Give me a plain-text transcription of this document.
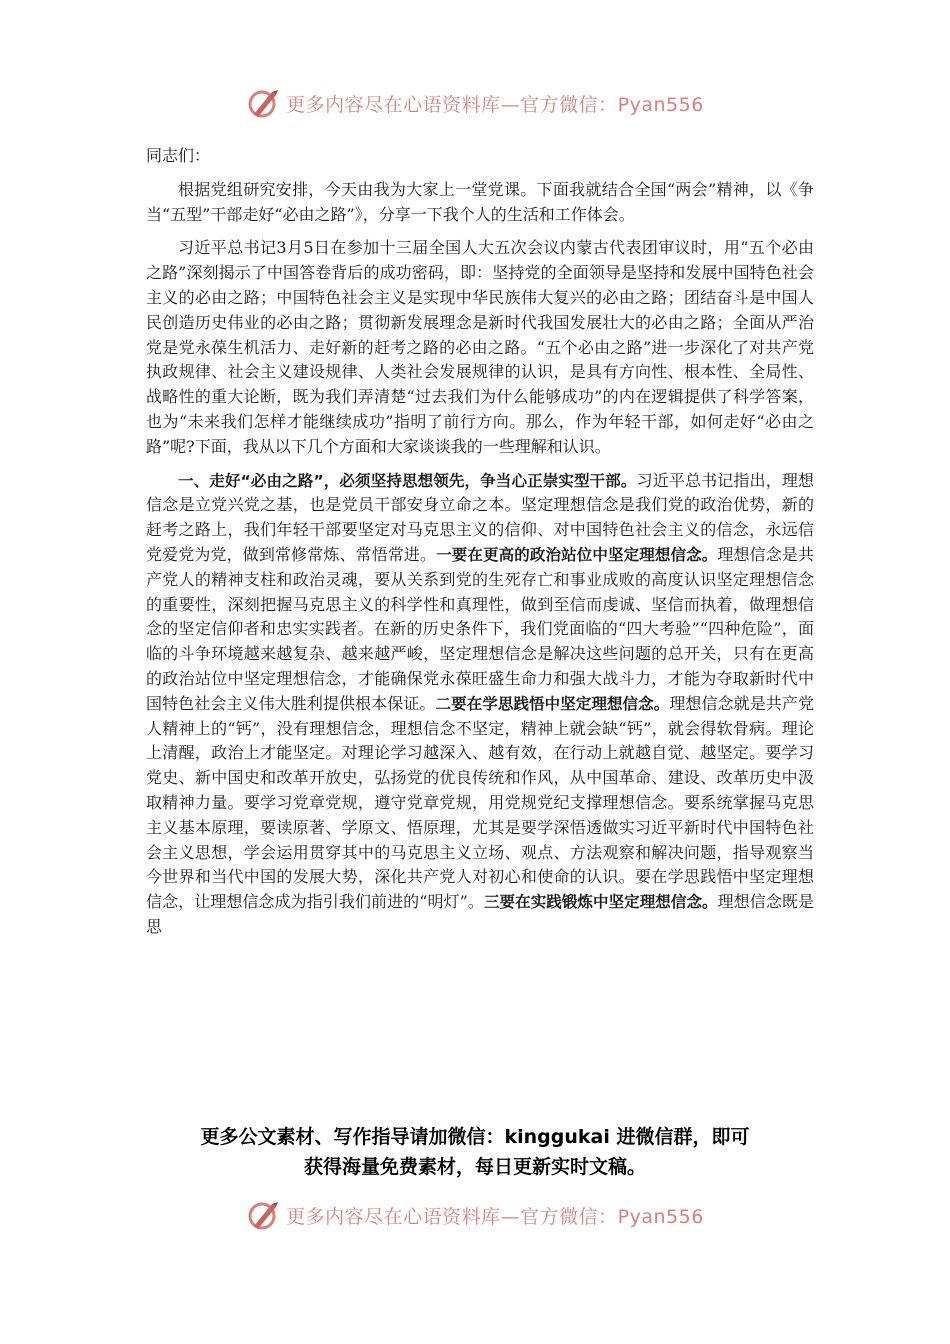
更多内容尽在心语资料库—官方微信：Pyan556

同志们：

根据党组研究安排，今天由我为大家上一堂党课。下面我就结合全国“两会”精神，以《争当“五型”干部走好“必由之路”》，分享一下我个人的生活和工作体会。

习近平总书记3月5日在参加十三届全国人大五次会议内蒙古代表团审议时，用“五个必由之路”深刻揭示了中国答卷背后的成功密码，即：坚持党的全面领导是坚持和发展中国特色社会主义的必由之路；中国特色社会主义是实现中华民族伟大复兴的必由之路；团结奋斗是中国人民创造历史伟业的必由之路；贯彻新发展理念是新时代我国发展壮大的必由之路；全面从严治党是党永葆生机活力、走好新的赶考之路的必由之路。“五个必由之路”进一步深化了对共产党执政规律、社会主义建设规律、人类社会发展规律的认识，是具有方向性、根本性、全局性、战略性的重大论断，既为我们弄清楚“过去我们为什么能够成功”的内在逻辑提供了科学答案，也为“未来我们怎样才能继续成功”指明了前行方向。那么，作为年轻干部，如何走好“必由之路”呢?下面，我从以下几个方面和大家谈谈我的一些理解和认识。

一、走好“必由之路”，必须坚持思想领先，争当心正崇实型干部。习近平总书记指出，理想信念是立党兴党之基，也是党员干部安身立命之本。坚定理想信念是我们党的政治优势，新的赶考之路上，我们年轻干部要坚定对马克思主义的信仰、对中国特色社会主义的信念，永远信党爱党为党，做到常修常炼、常悟常进。一要在更高的政治站位中坚定理想信念。理想信念是共产党人的精神支柱和政治灵魂，要从关系到党的生死存亡和事业成败的高度认识坚定理想信念的重要性，深刻把握马克思主义的科学性和真理性，做到至信而虔诚、坚信而执着，做理想信念的坚定信仰者和忠实实践者。在新的历史条件下，我们党面临的“四大考验”“四种危险”，面临的斗争环境越来越复杂、越来越严峻，坚定理想信念是解决这些问题的总开关，只有在更高的政治站位中坚定理想信念，才能确保党永葆旺盛生命力和强大战斗力，才能为夺取新时代中国特色社会主义伟大胜利提供根本保证。二要在学思践悟中坚定理想信念。理想信念就是共产党人精神上的“钙”，没有理想信念，理想信念不坚定，精神上就会缺“钙”，就会得软骨病。理论上清醒，政治上才能坚定。对理论学习越深入、越有效，在行动上就越自觉、越坚定。要学习党史、新中国史和改革开放史，弘扬党的优良传统和作风，从中国革命、建设、改革历史中汲取精神力量。要学习党章党规，遵守党章党规，用党规党纪支撑理想信念。要系统掌握马克思主义基本原理，要读原著、学原文、悟原理，尤其是要学深悟透做实习近平新时代中国特色社会主义思想，学会运用贯穿其中的马克思主义立场、观点、方法观察和解决问题，指导观察当今世界和当代中国的发展大势，深化共产党人对初心和使命的认识。要在学思践悟中坚定理想信念，让理想信念成为指引我们前进的“明灯”。三要在实践锻炼中坚定理想信念。理想信念既是思

更多公文素材、写作指导请加微信：kinggukai 进微信群，即可
获得海量免费素材，每日更新实时文稿。
更多内容尽在心语资料库—官方微信：Pyan556
